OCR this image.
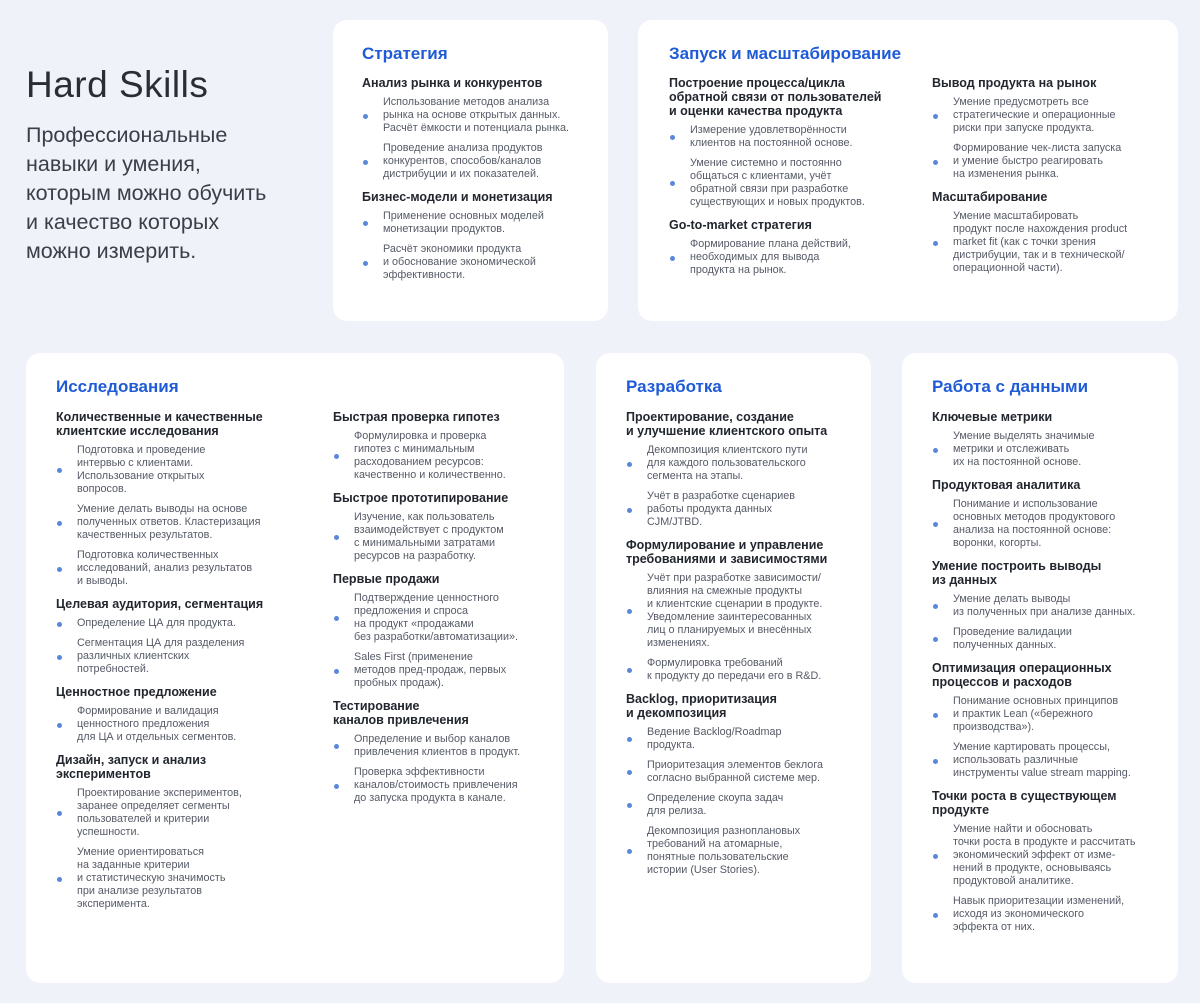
Hard Skills

Профессиональные
навыки и умения,
которым можно обучить
и качество которых
можно измерить.

Стратегия
Анализ рынка и конкурентов
Использование методов анализа
рынка на основе открытых данных.
Расчёт ёмкости и потенциала рынка.
Проведение анализа продуктов
конкурентов, способов/каналов
дистрибуции и их показателей.
Бизнес-модели и монетизация
Применение основных моделей
монетизации продуктов.
Расчёт экономики продукта
и обоснование экономической
эффективности.
Запуск и масштабирование
Построение процесса/цикла
обратной связи от пользователей
и оценки качества продукта
Измерение удовлетворённости
клиентов на постоянной основе.
Умение системно и постоянно
общаться с клиентами, учёт
обратной связи при разработке
существующих и новых продуктов.
Go-to-market стратегия
Формирование плана действий,
необходимых для вывода
продукта на рынок.
Вывод продукта на рынок
Умение предусмотреть все
стратегические и операционные
риски при запуске продукта.
Формирование чек-листа запуска
и умение быстро реагировать
на изменения рынка.
Масштабирование
Умение масштабировать
продукт после нахождения product
market fit (как с точки зрения
дистрибуции, так и в технической/
операционной части).
Исследования
Количественные и качественные
клиентские исследования
Подготовка и проведение
интервью с клиентами.
Использование открытых
вопросов.
Умение делать выводы на основе
полученных ответов. Кластеризация
качественных результатов.
Подготовка количественных
исследований, анализ результатов
и выводы.
Целевая аудитория, сегментация
Определение ЦА для продукта.
Сегментация ЦА для разделения
различных клиентских
потребностей.
Ценностное предложение
Формирование и валидация
ценностного предложения
для ЦА и отдельных сегментов.
Дизайн, запуск и анализ
экспериментов
Проектирование экспериментов,
заранее определяет сегменты
пользователей и критерии
успешности.
Умение ориентироваться
на заданные критерии
и статистическую значимость
при анализе результатов
эксперимента.
Быстрая проверка гипотез
Формулировка и проверка
гипотез с минимальным
расходованием ресурсов:
качественно и количественно.
Быстрое прототипирование
Изучение, как пользователь
взаимодействует с продуктом
с минимальными затратами
ресурсов на разработку.
Первые продажи
Подтверждение ценностного
предложения и спроса
на продукт «продажами
без разработки/автоматизации».
Sales First (применение
методов пред-продаж, первых
пробных продаж).
Тестирование
каналов привлечения
Определение и выбор каналов
привлечения клиентов в продукт.
Проверка эффективности
каналов/стоимость привлечения
до запуска продукта в канале.
Разработка
Проектирование, создание
и улучшение клиентского опыта
Декомпозиция клиентского пути
для каждого пользовательского
сегмента на этапы.
Учёт в разработке сценариев
работы продукта данных
CJM/JTBD.
Формулирование и управление
требованиями и зависимостями
Учёт при разработке зависимости/
влияния на смежные продукты
и клиентские сценарии в продукте.
Уведомление заинтересованных
лиц о планируемых и внесённых
изменениях.
Формулировка требований
к продукту до передачи его в R&D.
Backlog, приоритизация
и декомпозиция
Ведение Backlog/Roadmap
продукта.
Приоритезация элементов беклога
согласно выбранной системе мер.
Определение скоупа задач
для релиза.
Декомпозиция разноплановых
требований на атомарные,
понятные пользовательские
истории (User Stories).
Работа с данными
Ключевые метрики
Умение выделять значимые
метрики и отслеживать
их на постоянной основе.
Продуктовая аналитика
Понимание и использование
основных методов продуктового
анализа на постоянной основе:
воронки, когорты.
Умение построить выводы
из данных
Умение делать выводы
из полученных при анализе данных.
Проведение валидации
полученных данных.
Оптимизация операционных
процессов и расходов
Понимание основных принципов
и практик Lean («бережного
производства»).
Умение картировать процессы,
использовать различные
инструменты value stream mapping.
Точки роста в существующем
продукте
Умение найти и обосновать
точки роста в продукте и рассчитать
экономический эффект от изме-
нений в продукте, основываясь
продуктовой аналитике.
Навык приоритезации изменений,
исходя из экономического
эффекта от них.
